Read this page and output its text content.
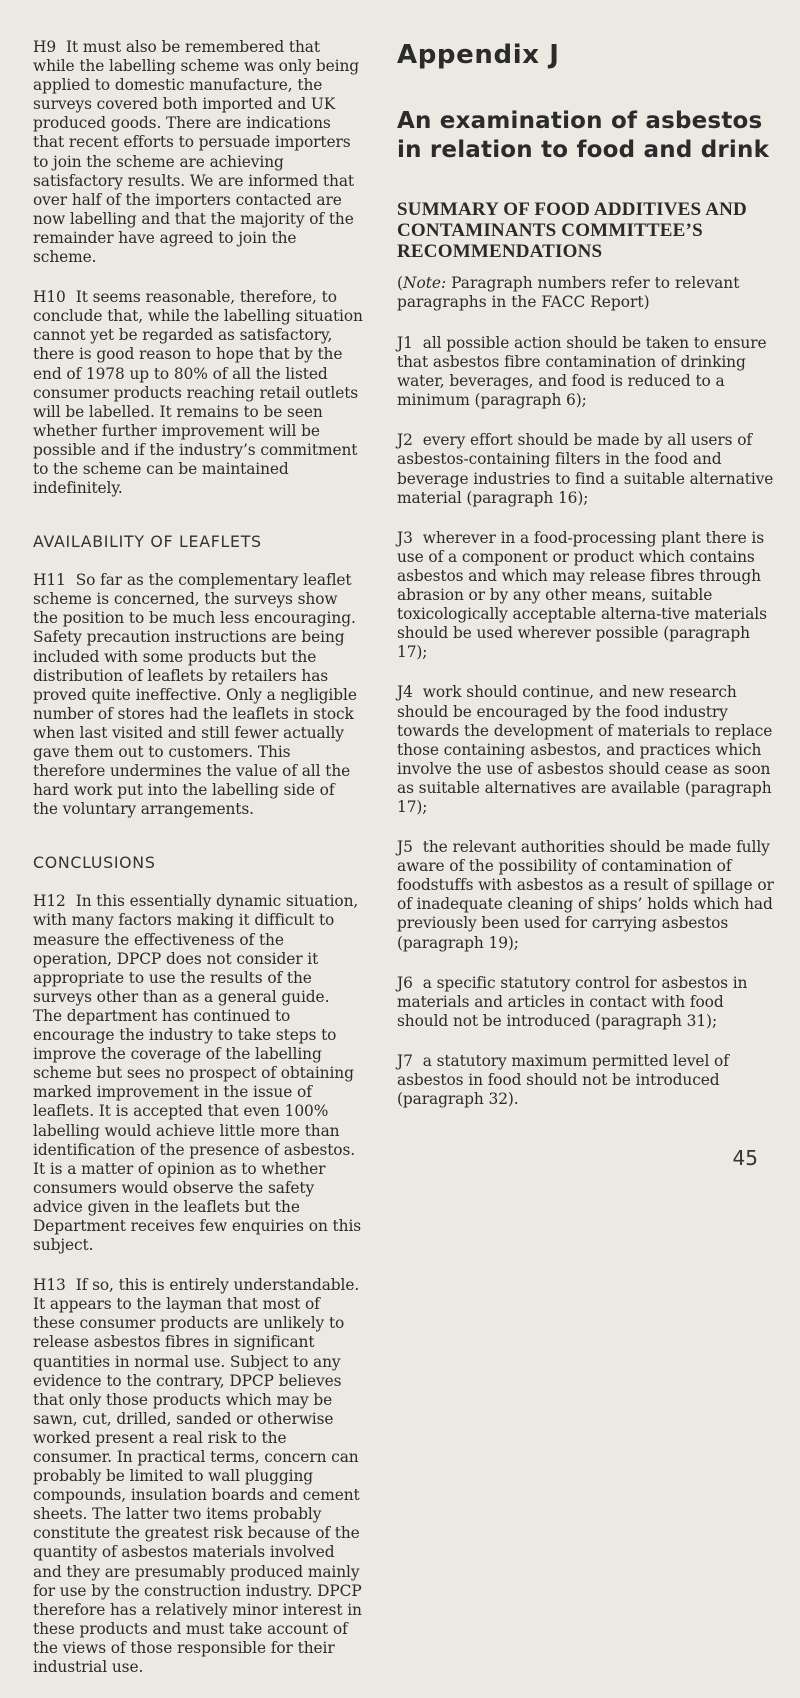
H9 It must also be remembered that while the labelling scheme was only being applied to domestic manufacture, the surveys covered both imported and UK produced goods. There are indications that recent efforts to persuade importers to join the scheme are achieving satisfactory results. We are informed that over half of the importers contacted are now labelling and that the majority of the remainder have agreed to join the scheme.

H10 It seems reasonable, therefore, to conclude that, while the labelling situation cannot yet be regarded as satisfactory, there is good reason to hope that by the end of 1978 up to 80% of all the listed consumer products reaching retail outlets will be labelled. It remains to be seen whether further improvement will be possible and if the industry’s commitment to the scheme can be maintained indefinitely.

AVAILABILITY OF LEAFLETS

H11 So far as the complementary leaflet scheme is concerned, the surveys show the position to be much less encouraging. Safety precaution instructions are being included with some products but the distribution of leaflets by retailers has proved quite ineffective. Only a negligible number of stores had the leaflets in stock when last visited and still fewer actually gave them out to customers. This therefore undermines the value of all the hard work put into the labelling side of the voluntary arrangements.

CONCLUSIONS

H12 In this essentially dynamic situation, with many factors making it difficult to measure the effectiveness of the operation, DPCP does not consider it appropriate to use the results of the surveys other than as a general guide. The department has continued to encourage the industry to take steps to improve the coverage of the labelling scheme but sees no prospect of obtaining marked improvement in the issue of leaflets. It is accepted that even 100% labelling would achieve little more than identification of the presence of asbestos. It is a matter of opinion as to whether consumers would observe the safety advice given in the leaflets but the Department receives few enquiries on this subject.

H13 If so, this is entirely understandable. It appears to the layman that most of these consumer products are unlikely to release asbestos fibres in significant quantities in normal use. Subject to any evidence to the contrary, DPCP believes that only those products which may be sawn, cut, drilled, sanded or otherwise worked present a real risk to the consumer. In practical terms, concern can probably be limited to wall plugging compounds, insulation boards and cement sheets. The latter two items probably constitute the greatest risk because of the quantity of asbestos materials involved and they are presumably produced mainly for use by the construction industry. DPCP therefore has a relatively minor interest in these products and must take account of the views of those responsible for their industrial use.

Appendix J
An examination of asbestos in relation to food and drink
SUMMARY OF FOOD ADDITIVES AND CONTAMINANTS COMMITTEE’S RECOMMENDATIONS

(Note: Paragraph numbers refer to relevant paragraphs in the FACC Report)

J1 all possible action should be taken to ensure that asbestos fibre contamination of drinking water, beverages, and food is reduced to a minimum (paragraph 6);

J2 every effort should be made by all users of asbestos-containing filters in the food and beverage industries to find a suitable alternative material (paragraph 16);

J3 wherever in a food-processing plant there is use of a component or product which contains asbestos and which may release fibres through abrasion or by any other means, suitable toxicologically acceptable alterna-tive materials should be used wherever possible (paragraph 17);

J4 work should continue, and new research should be encouraged by the food industry towards the development of materials to replace those containing asbestos, and practices which involve the use of asbestos should cease as soon as suitable alternatives are available (paragraph 17);

J5 the relevant authorities should be made fully aware of the possibility of contamination of foodstuffs with asbestos as a result of spillage or of inadequate cleaning of ships’ holds which had previously been used for carrying asbestos (paragraph 19);

J6 a specific statutory control for asbestos in materials and articles in contact with food should not be introduced (paragraph 31);

J7 a statutory maximum permitted level of asbestos in food should not be introduced (paragraph 32).

45
